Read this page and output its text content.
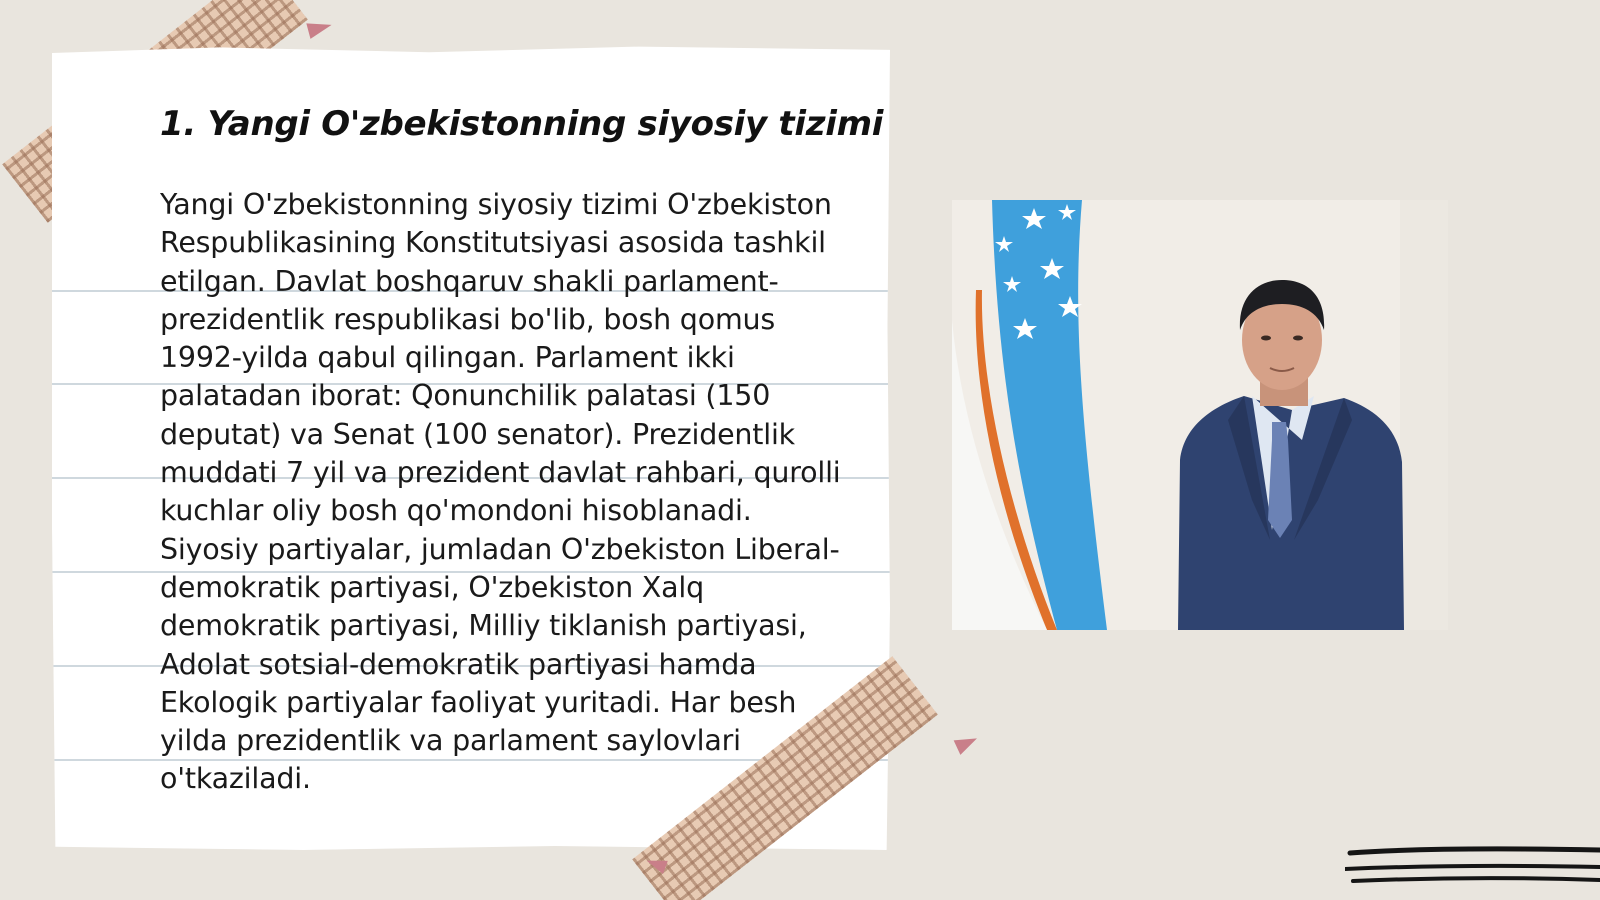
1. Yangi O'zbekistonning siyosiy tizimi

Yangi O'zbekistonning siyosiy tizimi O'zbekiston Respublikasining Konstitutsiyasi asosida tashkil etilgan. Davlat boshqaruv shakli parlament-prezidentlik respublikasi bo'lib, bosh qomus 1992-yilda qabul qilingan. Parlament ikki palatadan iborat: Qonunchilik palatasi (150 deputat) va Senat (100 senator). Prezidentlik muddati 7 yil va prezident davlat rahbari, qurolli kuchlar oliy bosh qo'mondoni hisoblanadi. Siyosiy partiyalar, jumladan O'zbekiston Liberal-demokratik partiyasi, O'zbekiston Xalq demokratik partiyasi, Milliy tiklanish partiyasi, Adolat sotsial-demokratik partiyasi hamda Ekologik partiyalar faoliyat yuritadi. Har besh yilda prezidentlik va parlament saylovlari o'tkaziladi.
